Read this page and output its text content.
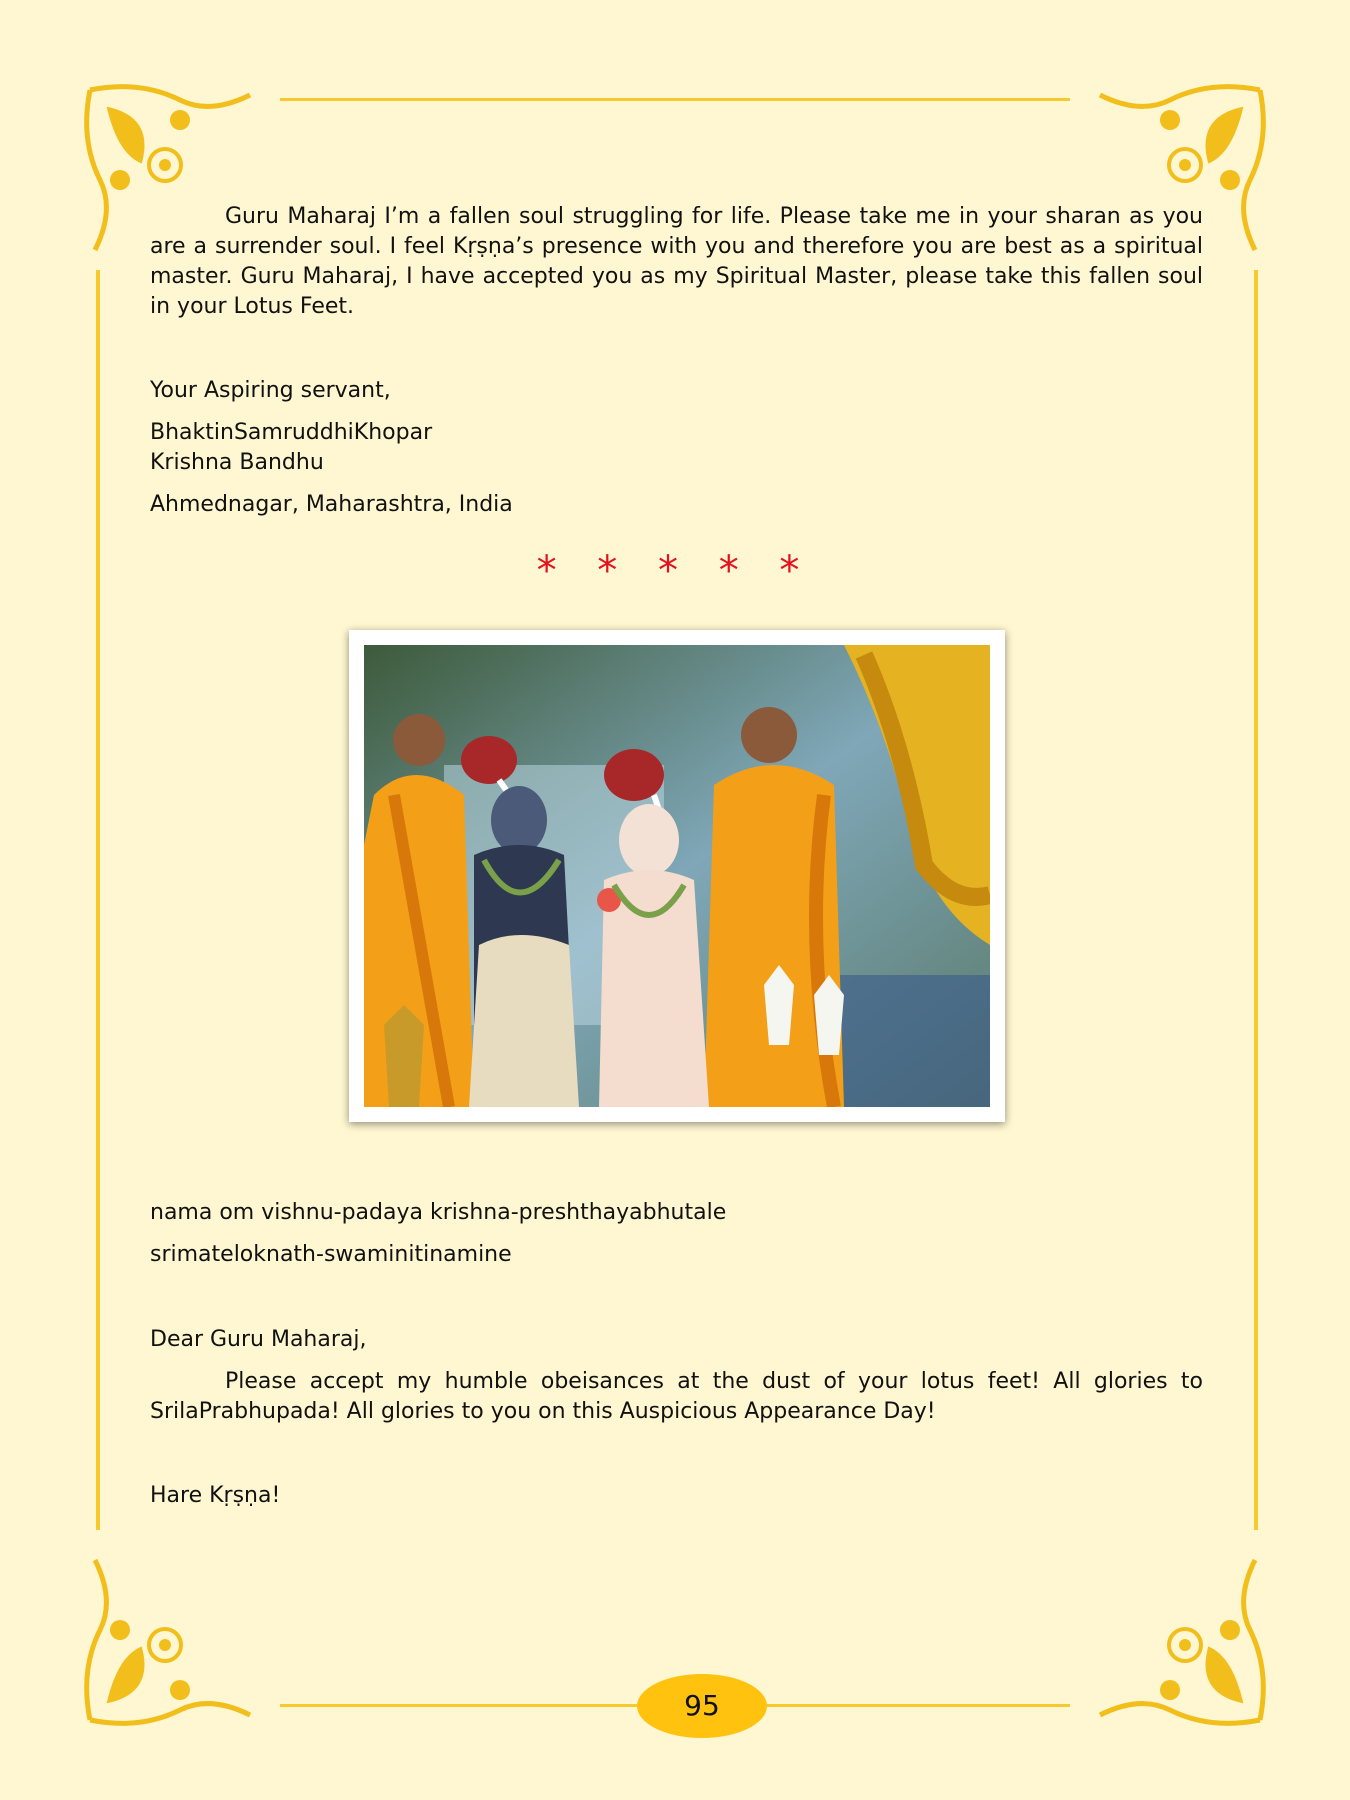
Guru Maharaj I’m a fallen soul struggling for life. Please take me in your sharan as you are a surrender soul. I feel Kṛṣṇa’s presence with you and therefore you are best as a spiritual master. Guru Maharaj, I have accepted you as my Spiritual Master, please take this fallen soul in your Lotus Feet.

Your Aspiring servant,

BhaktinSamruddhiKhopar

Krishna Bandhu

Ahmednagar, Maharashtra, India

* * * * *

nama om vishnu-padaya krishna-preshthayabhutale

srimateloknath-swaminitinamine

Dear Guru Maharaj,

Please accept my humble obeisances at the dust of your lotus feet! All glories to SrilaPrabhupada! All glories to you on this Auspicious Appearance Day!

Hare Kṛṣṇa!

95
